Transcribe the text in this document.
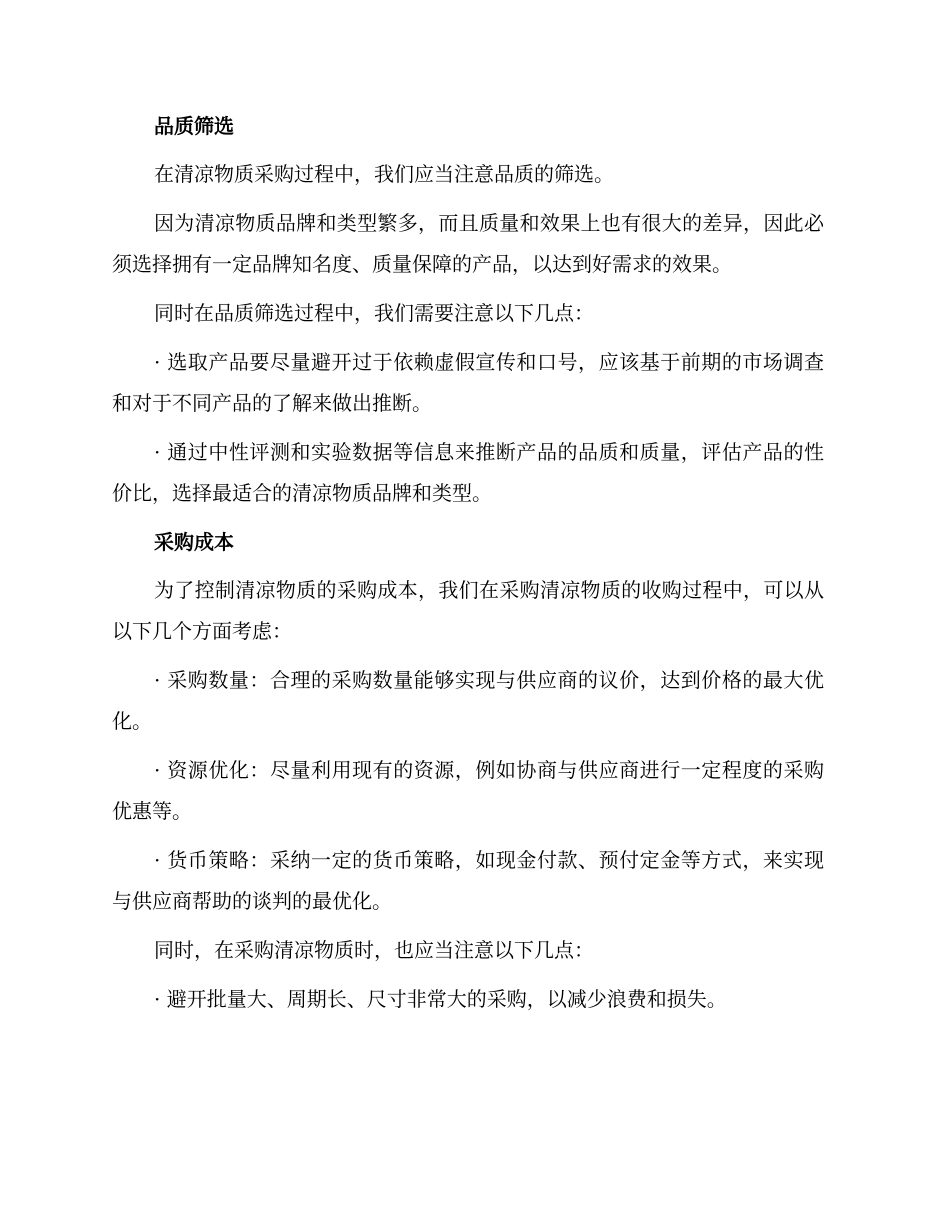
品质筛选

在清凉物质采购过程中，我们应当注意品质的筛选。

因为清凉物质品牌和类型繁多，而且质量和效果上也有很大的差异，因此必须选择拥有一定品牌知名度、质量保障的产品，以达到好需求的效果。

同时在品质筛选过程中，我们需要注意以下几点：

· 选取产品要尽量避开过于依赖虚假宣传和口号，应该基于前期的市场调查和对于不同产品的了解来做出推断。

· 通过中性评测和实验数据等信息来推断产品的品质和质量，评估产品的性价比，选择最适合的清凉物质品牌和类型。

采购成本

为了控制清凉物质的采购成本，我们在采购清凉物质的收购过程中，可以从以下几个方面考虑：

· 采购数量：合理的采购数量能够实现与供应商的议价，达到价格的最大优化。

· 资源优化：尽量利用现有的资源，例如协商与供应商进行一定程度的采购优惠等。

· 货币策略：采纳一定的货币策略，如现金付款、预付定金等方式，来实现与供应商帮助的谈判的最优化。

同时，在采购清凉物质时，也应当注意以下几点：

· 避开批量大、周期长、尺寸非常大的采购，以减少浪费和损失。
